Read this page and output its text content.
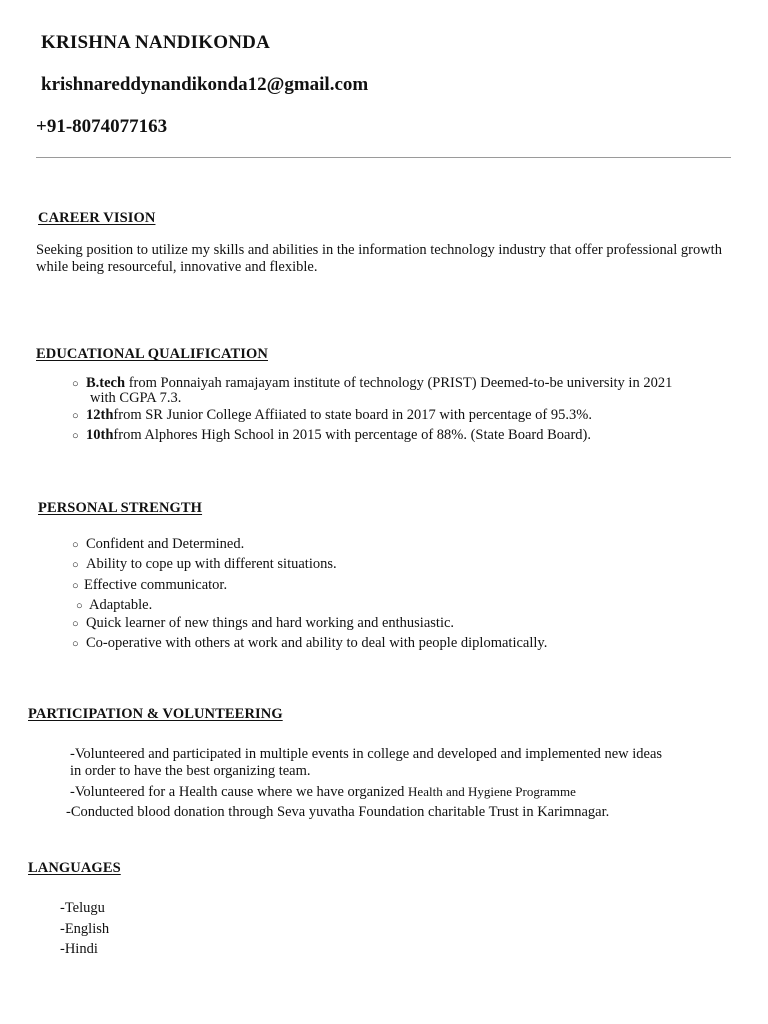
KRISHNA NANDIKONDA
krishnareddynandikonda12@gmail.com
+91-8074077163
CAREER VISION
Seeking position to utilize my skills and abilities in the information technology industry that offer professional growth while being resourceful, innovative and flexible.
EDUCATIONAL QUALIFICATION
○ B.tech from Ponnaiyah ramajayam institute of technology (PRIST) Deemed-to-be university in 2021
with CGPA 7.3.
○ 12thfrom SR Junior College Affiiated to state board in 2017 with percentage of 95.3%.
○ 10thfrom Alphores High School in 2015 with percentage of 88%. (State Board Board).
PERSONAL STRENGTH
○ Confident and Determined.
○ Ability to cope up with different situations.
○ Effective communicator.
○ Adaptable.
○ Quick learner of new things and hard working and enthusiastic.
○ Co-operative with others at work and ability to deal with people diplomatically.
PARTICIPATION & VOLUNTEERING
-Volunteered and participated in multiple events in college and developed and implemented new ideas
in order to have the best organizing team.
-Volunteered for a Health cause where we have organized Health and Hygiene Programme
-Conducted blood donation through Seva yuvatha Foundation charitable Trust in Karimnagar.
LANGUAGES
-Telugu
-English
-Hindi
